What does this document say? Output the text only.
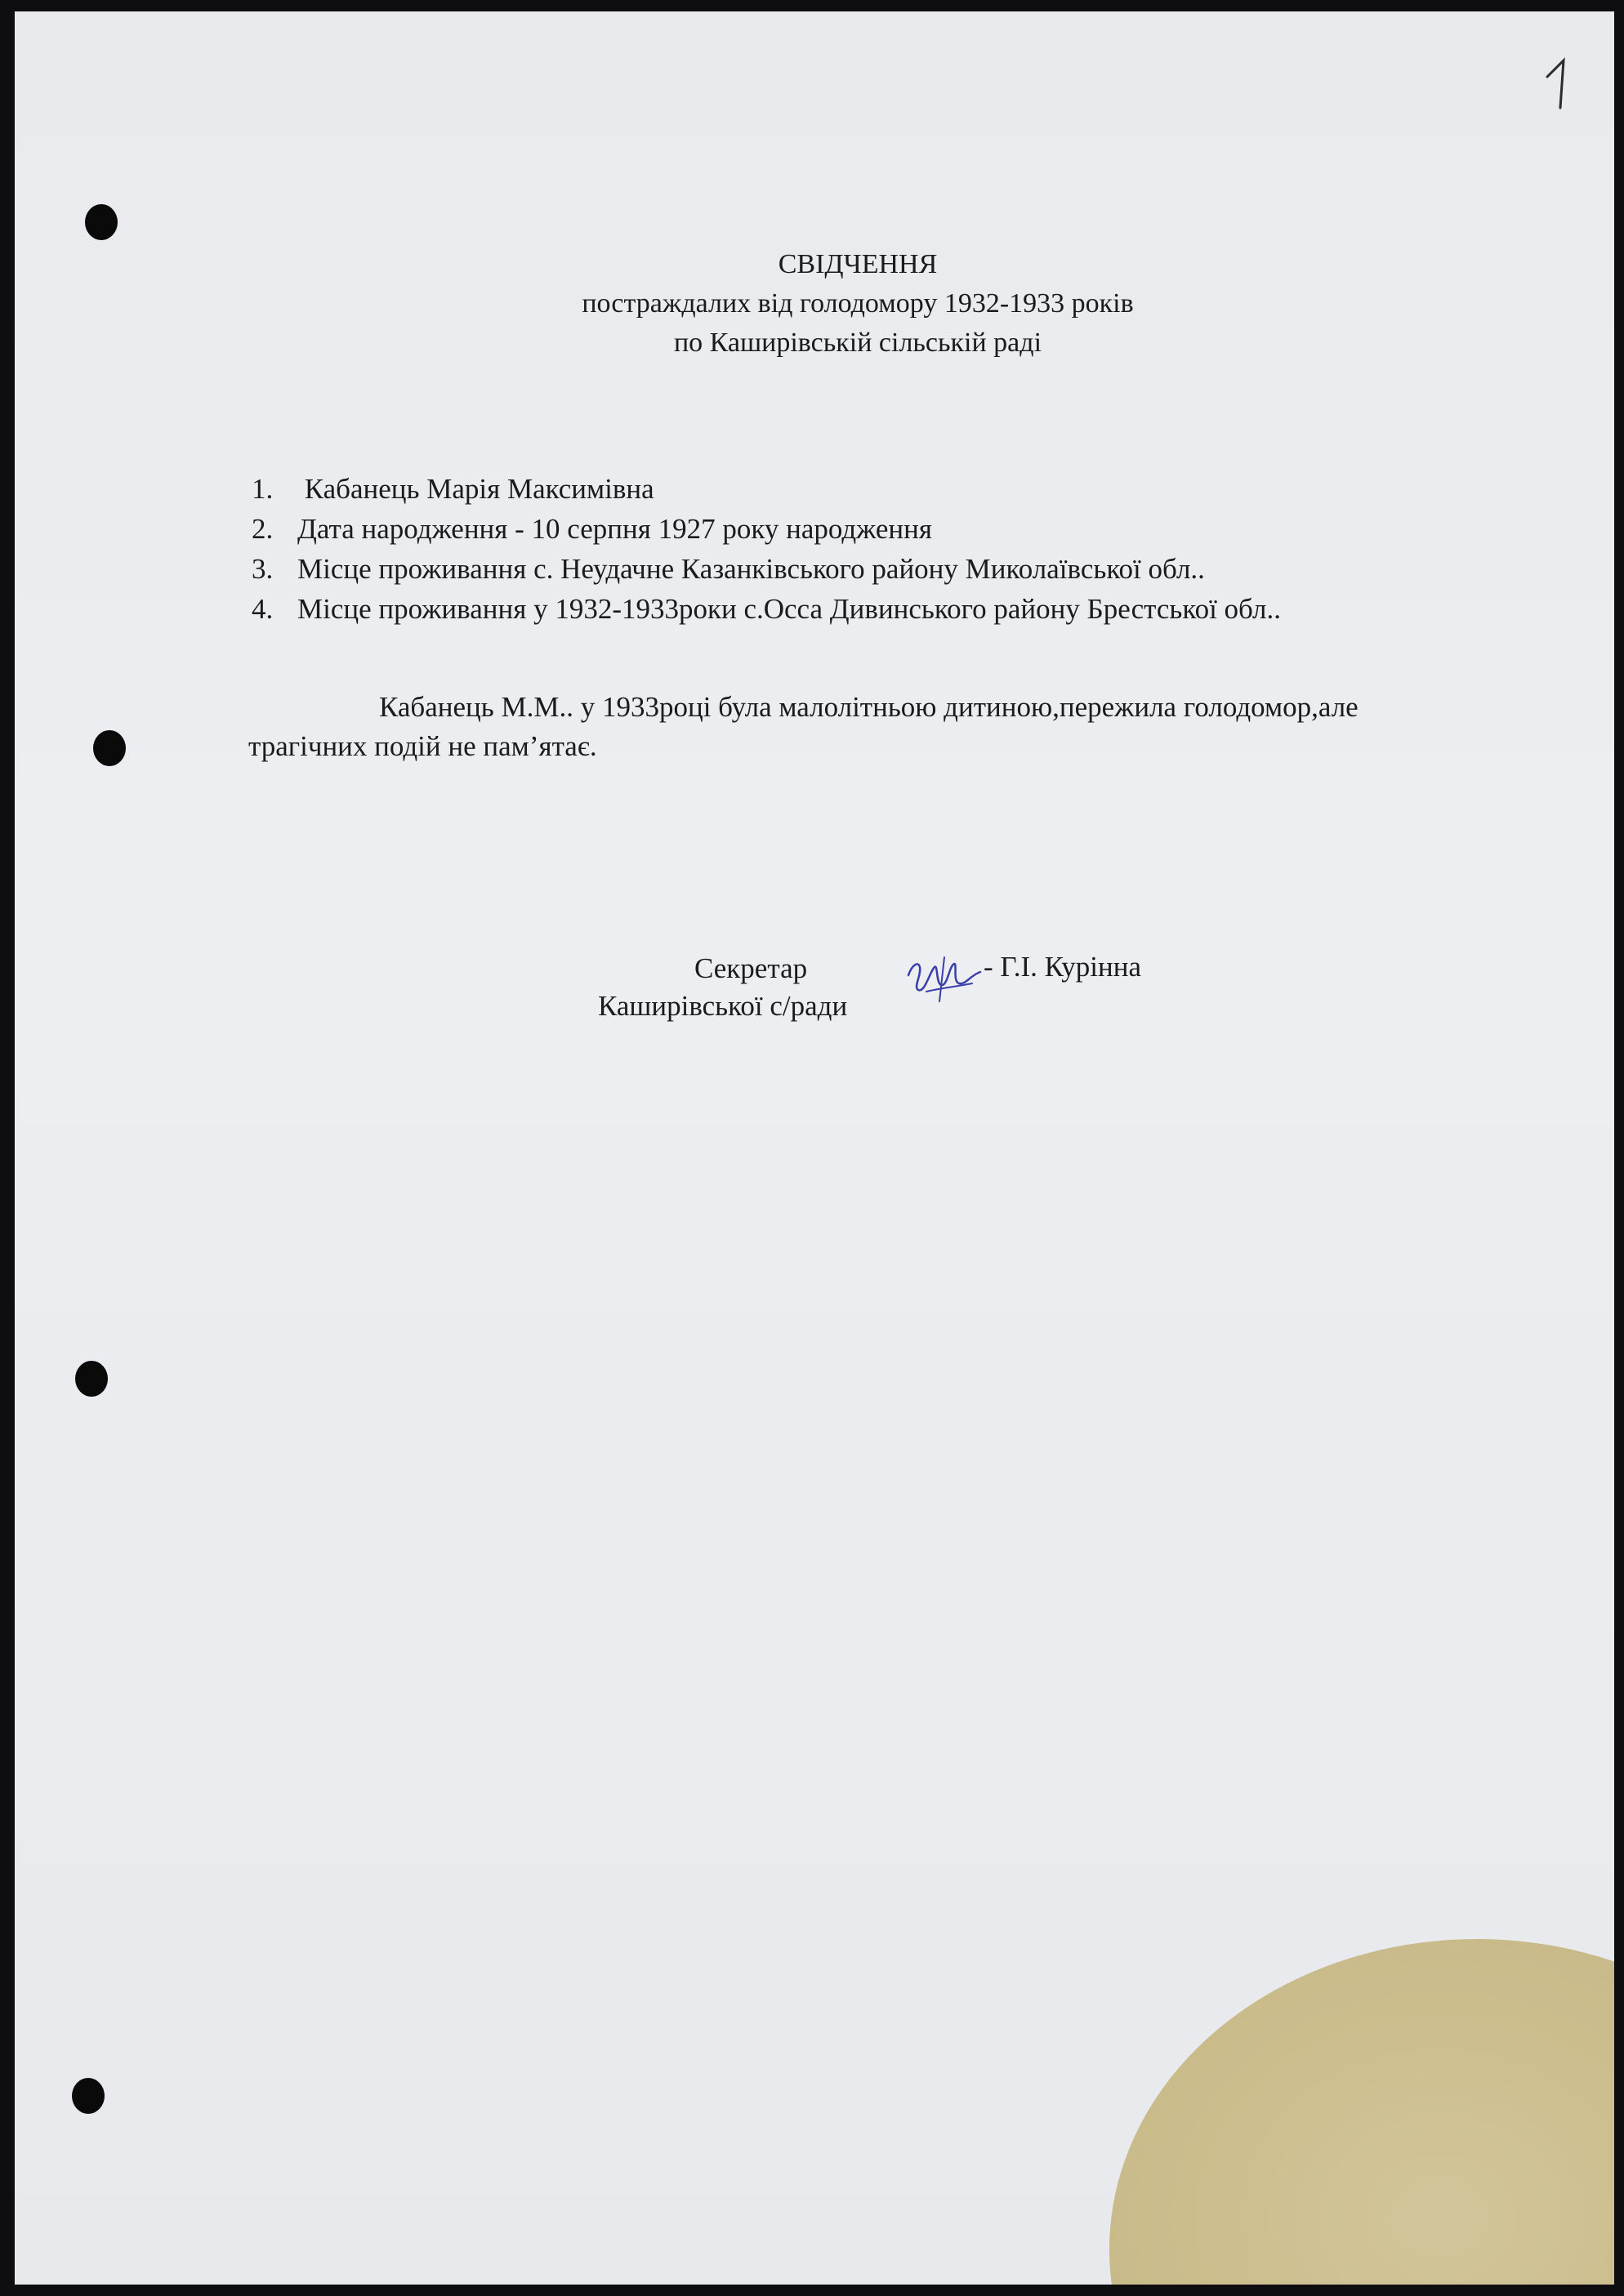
СВІДЧЕННЯ
постраждалих від голодомору 1932-1933 років
по Каширівській сільській раді
1. Кабанець Марія Максимівна
2. Дата народження - 10 серпня 1927 року народження
3. Місце проживання с. Неудачне Казанківського району Миколаївської обл..
4. Місце проживання у 1932-1933роки с.Осса Дивинського району Брестської обл..
Кабанець М.М.. у 1933році була малолітньою дитиною,пережила голодомор,але
трагічних подій не пам’ятає.
Секретар
Каширівської с/ради
- Г.І. Курінна
